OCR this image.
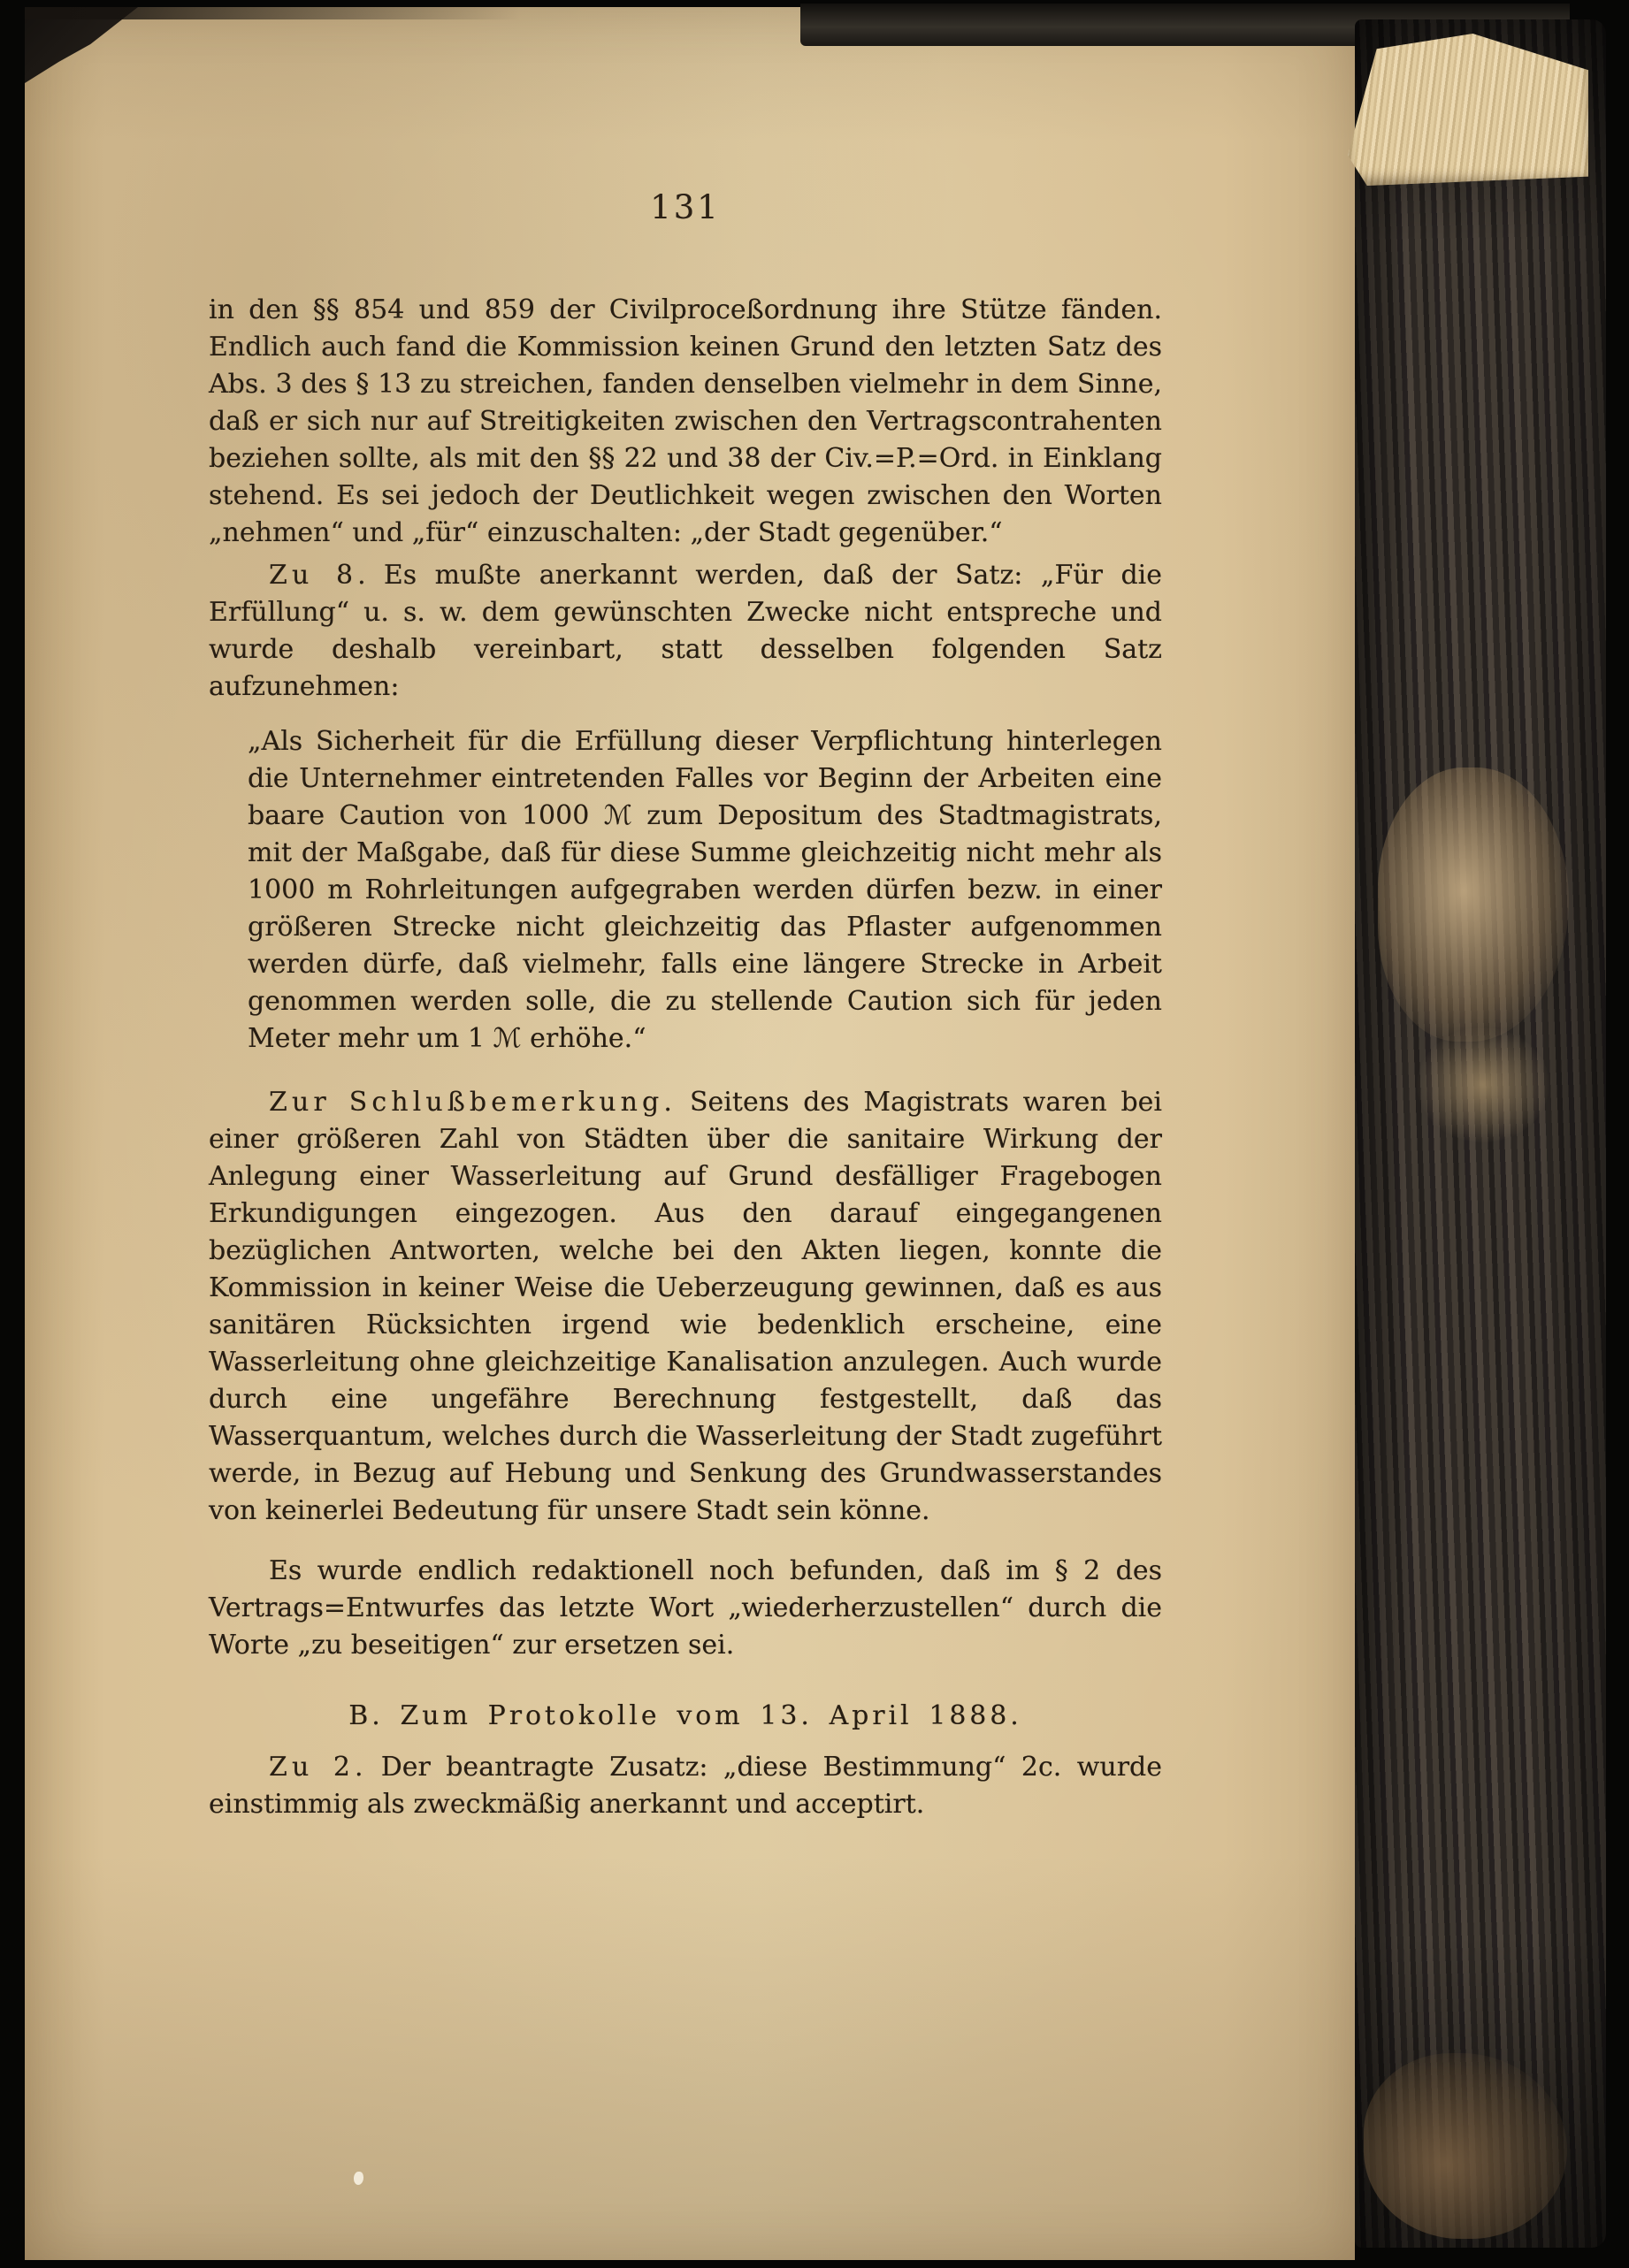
131

in den §§ 854 und 859 der Civilproceßordnung ihre Stütze fänden. Endlich auch fand die Kommission keinen Grund den letzten Satz des Abs. 3 des § 13 zu streichen, fanden denselben vielmehr in dem Sinne, daß er sich nur auf Streitigkeiten zwischen den Vertragscontrahenten beziehen sollte, als mit den §§ 22 und 38 der Civ.=P.=Ord. in Einklang stehend. Es sei jedoch der Deutlichkeit wegen zwischen den Worten „nehmen“ und „für“ einzuschalten: „der Stadt gegenüber.“

Zu 8. Es mußte anerkannt werden, daß der Satz: „Für die Erfüllung“ u. s. w. dem gewünschten Zwecke nicht entspreche und wurde deshalb vereinbart, statt desselben folgenden Satz aufzunehmen:

„Als Sicherheit für die Erfüllung dieser Verpflichtung hinterlegen die Unternehmer eintretenden Falles vor Beginn der Arbeiten eine baare Caution von 1000 ℳ zum Depositum des Stadtmagistrats, mit der Maßgabe, daß für diese Summe gleichzeitig nicht mehr als 1000 m Rohrleitungen aufgegraben werden dürfen bezw. in einer größeren Strecke nicht gleichzeitig das Pflaster aufgenommen werden dürfe, daß vielmehr, falls eine längere Strecke in Arbeit genommen werden solle, die zu stellende Caution sich für jeden Meter mehr um 1 ℳ erhöhe.“

Zur Schlußbemerkung. Seitens des Magistrats waren bei einer größeren Zahl von Städten über die sanitaire Wirkung der Anlegung einer Wasserleitung auf Grund desfälliger Fragebogen Erkundigungen eingezogen. Aus den darauf eingegangenen bezüglichen Antworten, welche bei den Akten liegen, konnte die Kommission in keiner Weise die Ueberzeugung gewinnen, daß es aus sanitären Rücksichten irgend wie bedenklich erscheine, eine Wasserleitung ohne gleichzeitige Kanalisation anzulegen. Auch wurde durch eine ungefähre Berechnung festgestellt, daß das Wasserquantum, welches durch die Wasserleitung der Stadt zugeführt werde, in Bezug auf Hebung und Senkung des Grundwasserstandes von keinerlei Bedeutung für unsere Stadt sein könne.

Es wurde endlich redaktionell noch befunden, daß im § 2 des Vertrags=Entwurfes das letzte Wort „wiederherzustellen“ durch die Worte „zu beseitigen“ zur ersetzen sei.

B. Zum Protokolle vom 13. April 1888.

Zu 2. Der beantragte Zusatz: „diese Bestimmung“ 2c. wurde einstimmig als zweckmäßig anerkannt und acceptirt.
